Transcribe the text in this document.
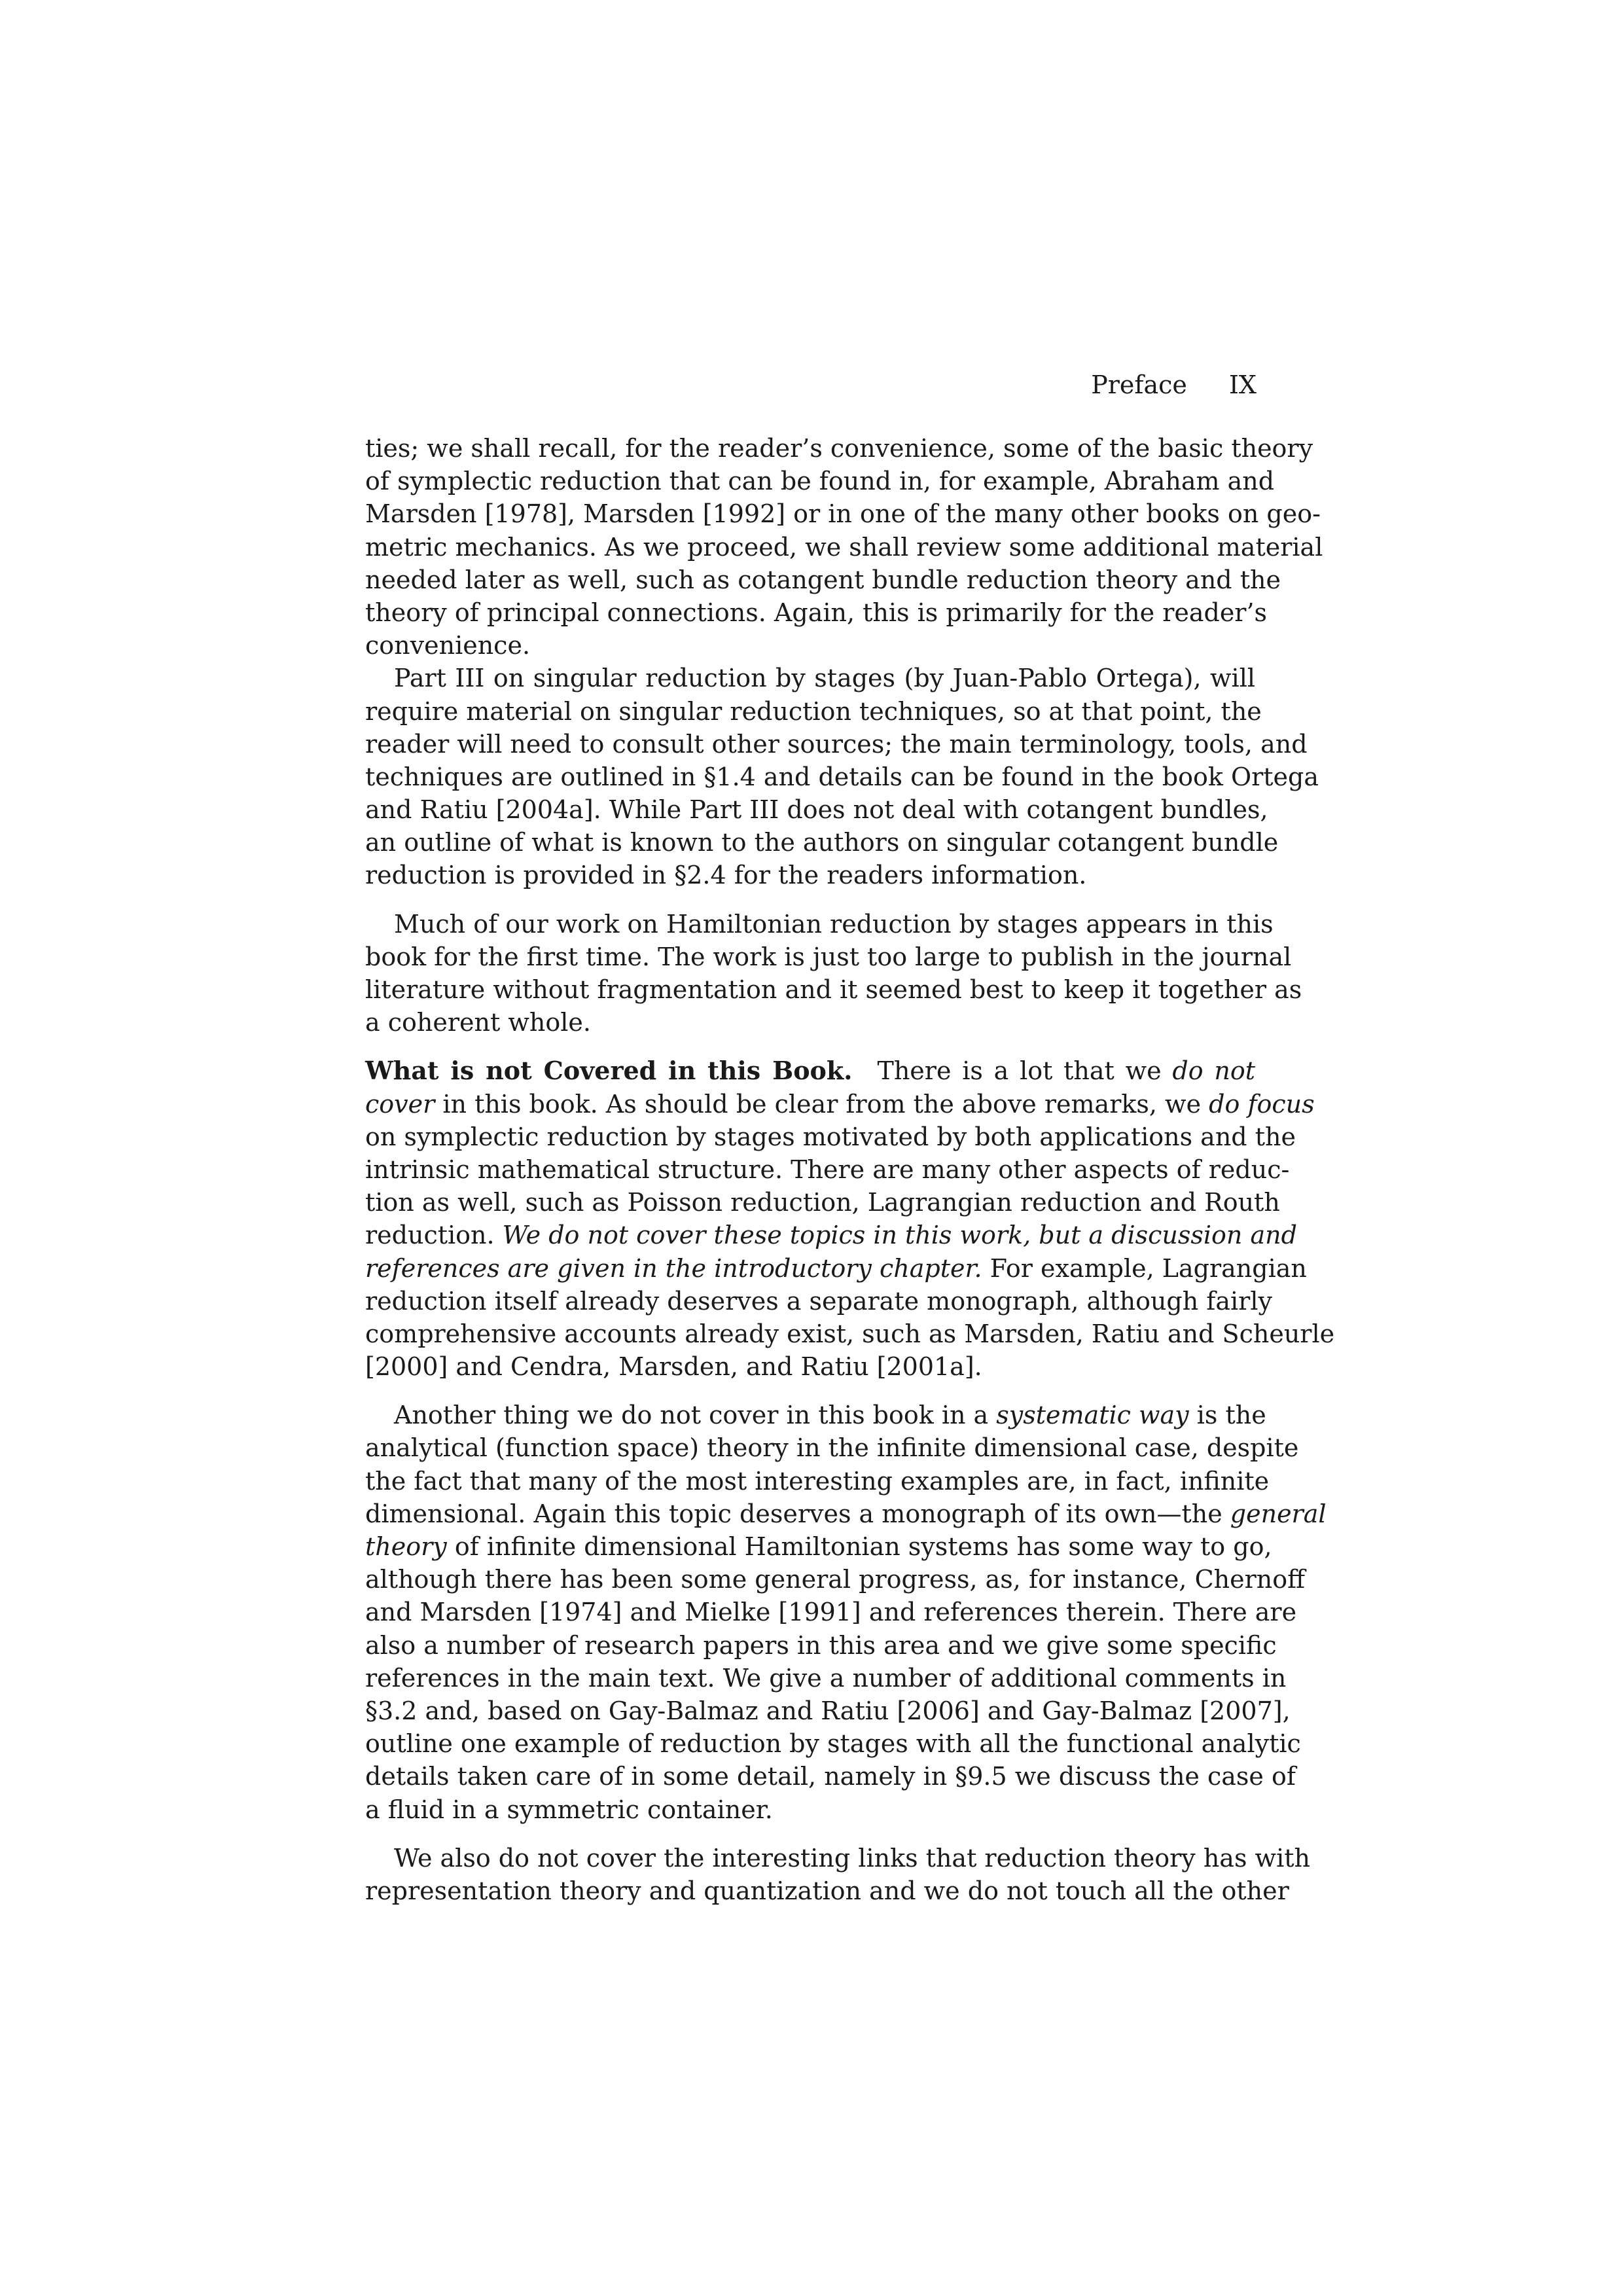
Preface IX
ties; we shall recall, for the reader’s convenience, some of the basic theory
of symplectic reduction that can be found in, for example, Abraham and
Marsden [1978], Marsden [1992] or in one of the many other books on geo-
metric mechanics. As we proceed, we shall review some additional material
needed later as well, such as cotangent bundle reduction theory and the
theory of principal connections. Again, this is primarily for the reader’s
convenience.
Part III on singular reduction by stages (by Juan-Pablo Ortega), will
require material on singular reduction techniques, so at that point, the
reader will need to consult other sources; the main terminology, tools, and
techniques are outlined in §1.4 and details can be found in the book Ortega
and Ratiu [2004a]. While Part III does not deal with cotangent bundles,
an outline of what is known to the authors on singular cotangent bundle
reduction is provided in §2.4 for the readers information.
Much of our work on Hamiltonian reduction by stages appears in this
book for the first time. The work is just too large to publish in the journal
literature without fragmentation and it seemed best to keep it together as
a coherent whole.
What is not Covered in this Book.  There is a lot that we do not
cover in this book. As should be clear from the above remarks, we do focus
on symplectic reduction by stages motivated by both applications and the
intrinsic mathematical structure. There are many other aspects of reduc-
tion as well, such as Poisson reduction, Lagrangian reduction and Routh
reduction. We do not cover these topics in this work, but a discussion and
references are given in the introductory chapter. For example, Lagrangian
reduction itself already deserves a separate monograph, although fairly
comprehensive accounts already exist, such as Marsden, Ratiu and Scheurle
[2000] and Cendra, Marsden, and Ratiu [2001a].
Another thing we do not cover in this book in a systematic way is the
analytical (function space) theory in the infinite dimensional case, despite
the fact that many of the most interesting examples are, in fact, infinite
dimensional. Again this topic deserves a monograph of its own—the general
theory of infinite dimensional Hamiltonian systems has some way to go,
although there has been some general progress, as, for instance, Chernoff
and Marsden [1974] and Mielke [1991] and references therein. There are
also a number of research papers in this area and we give some specific
references in the main text. We give a number of additional comments in
§3.2 and, based on Gay-Balmaz and Ratiu [2006] and Gay-Balmaz [2007],
outline one example of reduction by stages with all the functional analytic
details taken care of in some detail, namely in §9.5 we discuss the case of
a fluid in a symmetric container.
We also do not cover the interesting links that reduction theory has with
representation theory and quantization and we do not touch all the other
